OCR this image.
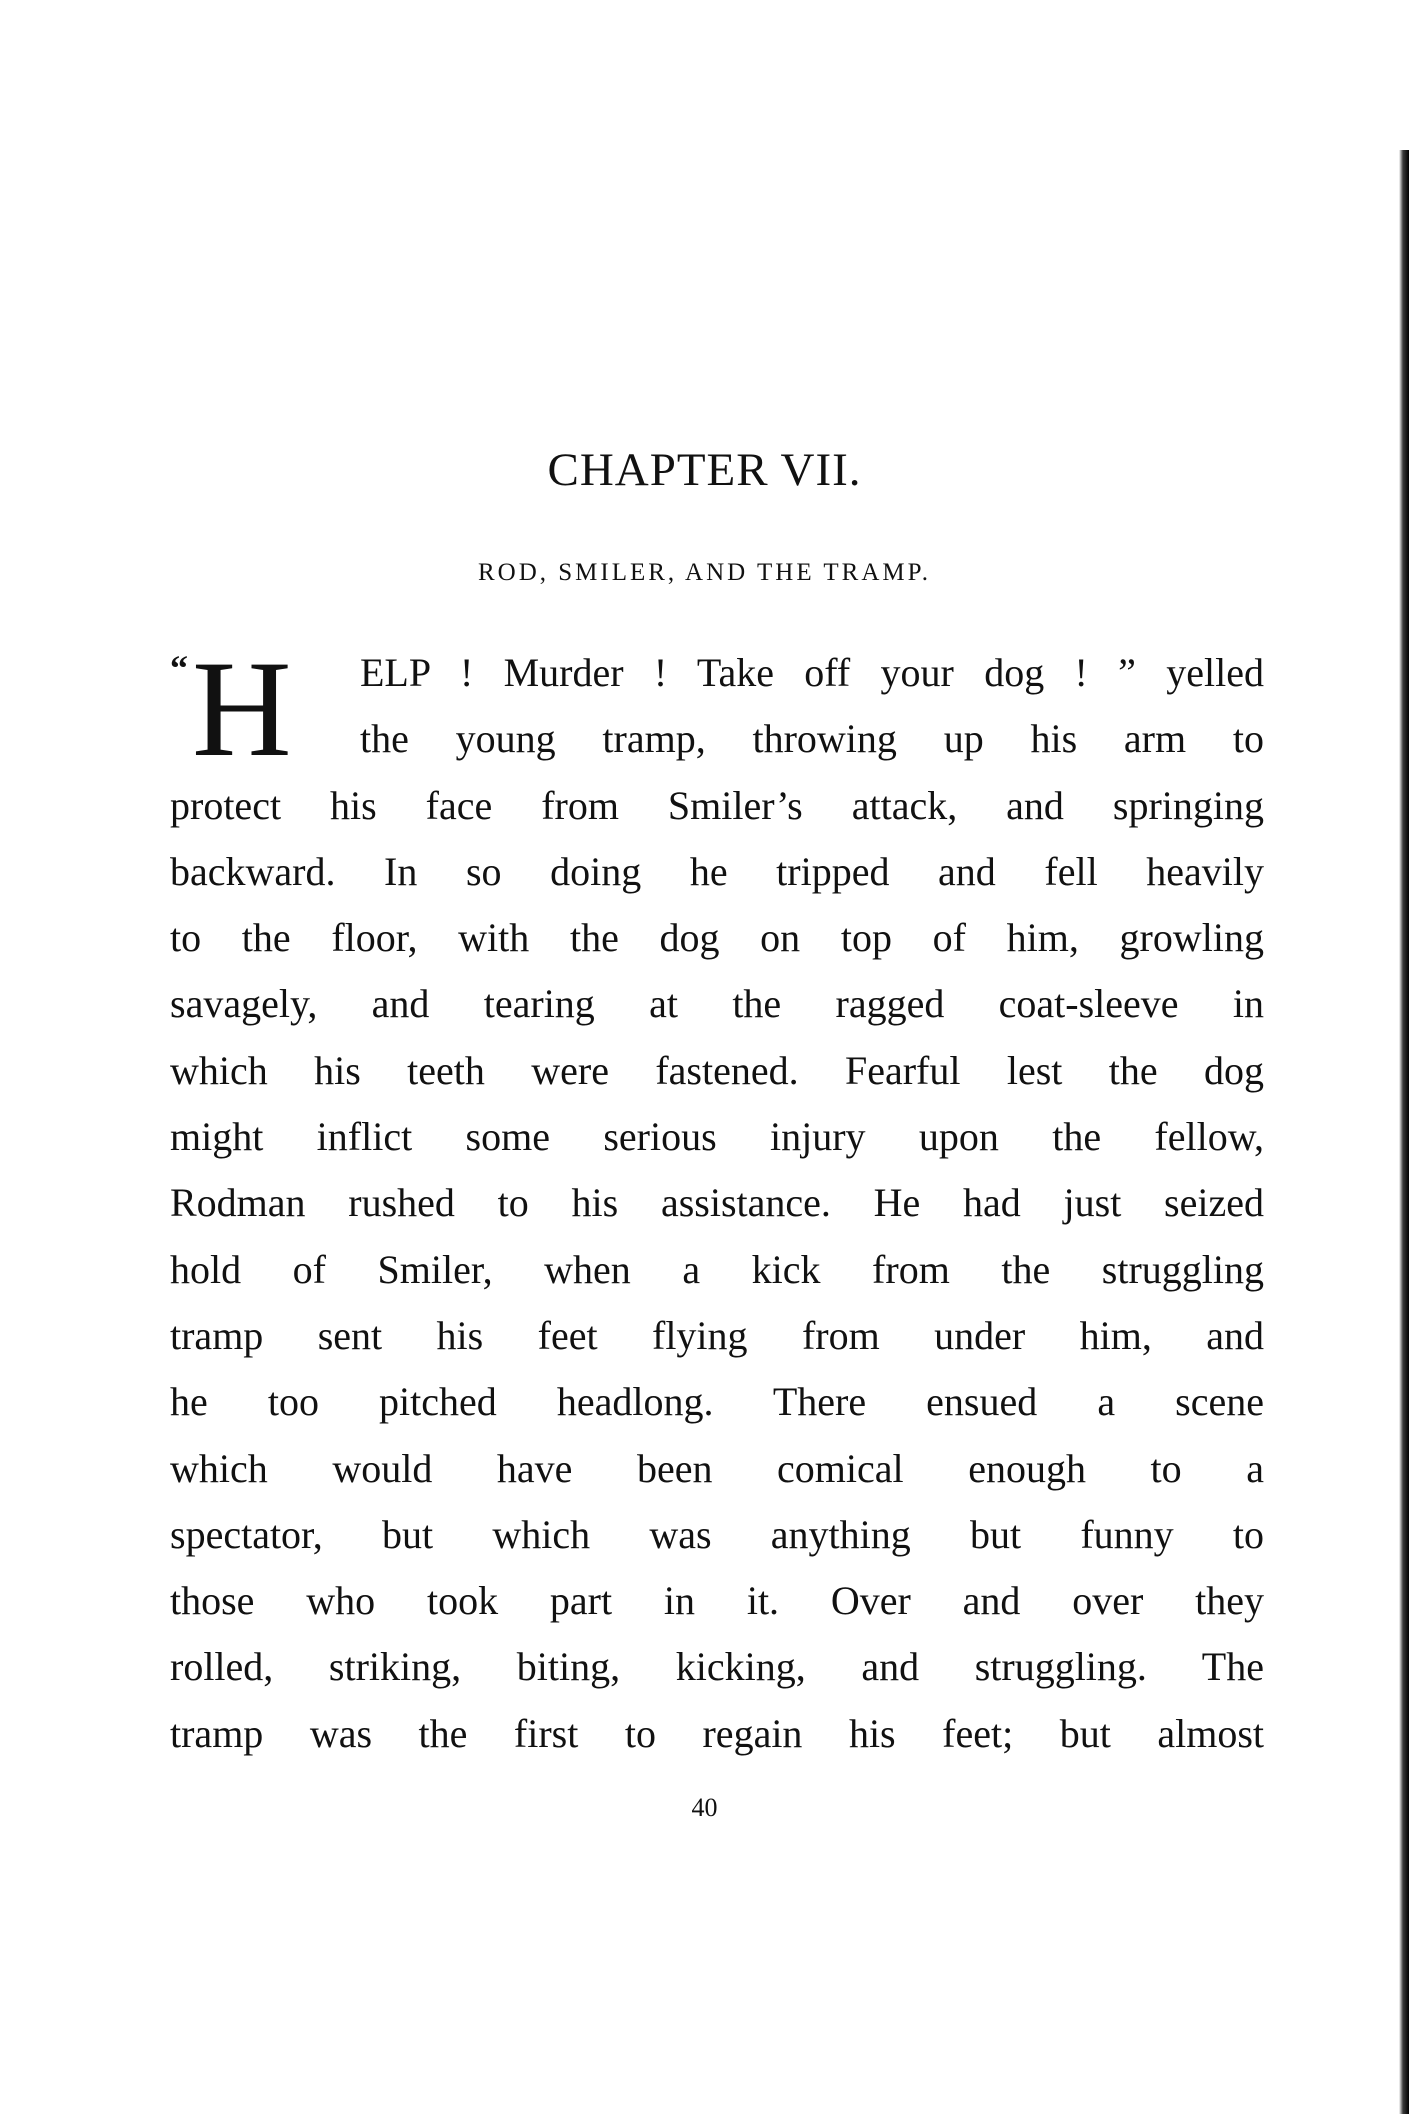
CHAPTER VII.
ROD, SMILER, AND THE TRAMP.
“ H ELP ! Murder ! Take off your dog ! ” yelled
the young tramp, throwing up his arm to
protect his face from Smiler’s attack, and springing
backward. In so doing he tripped and fell heavily
to the floor, with the dog on top of him, growling
savagely, and tearing at the ragged coat-sleeve in
which his teeth were fastened. Fearful lest the dog
might inflict some serious injury upon the fellow,
Rodman rushed to his assistance. He had just seized
hold of Smiler, when a kick from the struggling
tramp sent his feet flying from under him, and
he too pitched headlong. There ensued a scene
which would have been comical enough to a
spectator, but which was anything but funny to
those who took part in it. Over and over they
rolled, striking, biting, kicking, and struggling. The
tramp was the first to regain his feet; but almost
40
